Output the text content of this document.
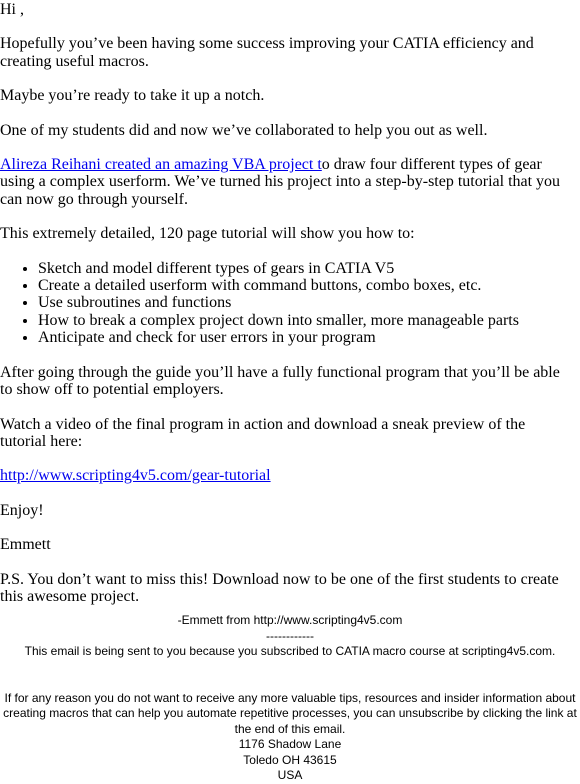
Hi ,

Hopefully you’ve been having some success improving your CATIA efficiency and creating useful macros.

Maybe you’re ready to take it up a notch.

One of my students did and now we’ve collaborated to help you out as well.

Alireza Reihani created an amazing VBA project to draw four different types of gear using a complex userform. We’ve turned his project into a step-by-step tutorial that you can now go through yourself.

This extremely detailed, 120 page tutorial will show you how to:

• Sketch and model different types of gears in CATIA V5
• Create a detailed userform with command buttons, combo boxes, etc.
• Use subroutines and functions
• How to break a complex project down into smaller, more manageable parts
• Anticipate and check for user errors in your program

After going through the guide you’ll have a fully functional program that you’ll be able to show off to potential employers.

Watch a video of the final program in action and download a sneak preview of the tutorial here:

http://www.scripting4v5.com/gear-tutorial

Enjoy!

Emmett

P.S. You don’t want to miss this! Download now to be one of the first students to create this awesome project.

-Emmett from http://www.scripting4v5.com
------------
This email is being sent to you because you subscribed to CATIA macro course at scripting4v5.com.
If for any reason you do not want to receive any more valuable tips, resources and insider information about creating macros that can help you automate repetitive processes, you can unsubscribe by clicking the link at the end of this email.
1176 Shadow Lane
Toledo OH 43615
USA
